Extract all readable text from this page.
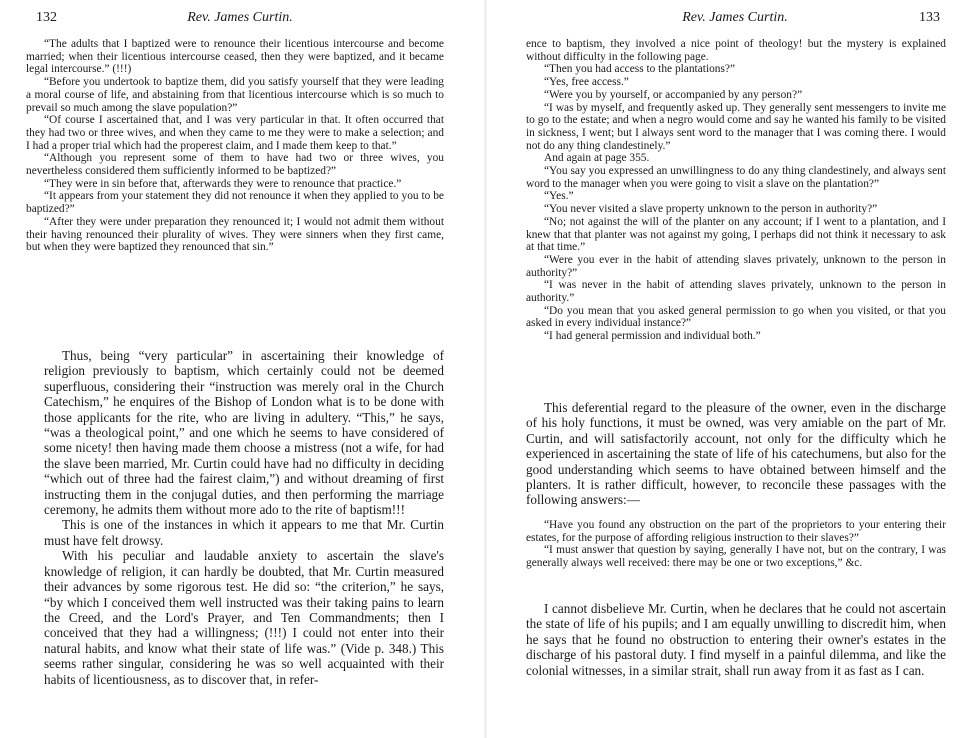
132	Rev. James Curtin.

“The adults that I baptized were to renounce their licentious intercourse and become married; when their licentious intercourse ceased, then they were baptized, and it became legal intercourse.” (!!!)

“Before you undertook to baptize them, did you satisfy yourself that they were leading a moral course of life, and abstaining from that licentious intercourse which is so much to prevail so much among the slave population?”

“Of course I ascertained that, and I was very particular in that. It often occurred that they had two or three wives, and when they came to me they were to make a selection; and I had a proper trial which had the properest claim, and I made them keep to that.”

“Although you represent some of them to have had two or three wives, you nevertheless considered them sufficiently informed to be baptized?”

“They were in sin before that, afterwards they were to renounce that practice.”

“It appears from your statement they did not renounce it when they applied to you to be baptized?”

“After they were under preparation they renounced it; I would not admit them without their having renounced their plurality of wives. They were sinners when they first came, but when they were baptized they renounced that sin.”

Thus, being “very particular” in ascertaining their knowledge of religion previously to baptism, which certainly could not be deemed superfluous, considering their “instruction was merely oral in the Church Catechism,” he enquires of the Bishop of London what is to be done with those applicants for the rite, who are living in adultery. “This,” he says, “was a theological point,” and one which he seems to have considered of some nicety! then having made them choose a mistress (not a wife, for had the slave been married, Mr. Curtin could have had no difficulty in deciding “which out of three had the fairest claim,”) and without dreaming of first instructing them in the conjugal duties, and then performing the marriage ceremony, he admits them without more ado to the rite of baptism!!!

This is one of the instances in which it appears to me that Mr. Curtin must have felt drowsy.

With his peculiar and laudable anxiety to ascertain the slave's knowledge of religion, it can hardly be doubted, that Mr. Curtin measured their advances by some rigorous test. He did so: “the criterion,” he says, “by which I conceived them well instructed was their taking pains to learn the Creed, and the Lord's Prayer, and Ten Commandments; then I conceived that they had a willingness; (!!!) I could not enter into their natural habits, and know what their state of life was.” (Vide p. 348.) This seems rather singular, considering he was so well acquainted with their habits of licentiousness, as to discover that, in refer-

Rev. James Curtin.	133

ence to baptism, they involved a nice point of theology! but the mystery is explained without difficulty in the following page.

“Then you had access to the plantations?”

“Yes, free access.”

“Were you by yourself, or accompanied by any person?”

“I was by myself, and frequently asked up. They generally sent messengers to invite me to go to the estate; and when a negro would come and say he wanted his family to be visited in sickness, I went; but I always sent word to the manager that I was coming there. I would not do any thing clandestinely.”

And again at page 355.

“You say you expressed an unwillingness to do any thing clandestinely, and always sent word to the manager when you were going to visit a slave on the plantation?”

“Yes.”

“You never visited a slave property unknown to the person in authority?”

“No; not against the will of the planter on any account; if I went to a plantation, and I knew that that planter was not against my going, I perhaps did not think it necessary to ask at that time.”

“Were you ever in the habit of attending slaves privately, unknown to the person in authority?”

“I was never in the habit of attending slaves privately, unknown to the person in authority.”

“Do you mean that you asked general permission to go when you visited, or that you asked in every individual instance?”

“I had general permission and individual both.”

This deferential regard to the pleasure of the owner, even in the discharge of his holy functions, it must be owned, was very amiable on the part of Mr. Curtin, and will satisfactorily account, not only for the difficulty which he experienced in ascertaining the state of life of his catechumens, but also for the good understanding which seems to have obtained between himself and the planters. It is rather difficult, however, to reconcile these passages with the following answers:—

“Have you found any obstruction on the part of the proprietors to your entering their estates, for the purpose of affording religious instruction to their slaves?”

“I must answer that question by saying, generally I have not, but on the contrary, I was generally always well received: there may be one or two exceptions,” &c.

I cannot disbelieve Mr. Curtin, when he declares that he could not ascertain the state of life of his pupils; and I am equally unwilling to discredit him, when he says that he found no obstruction to entering their owner's estates in the discharge of his pastoral duty. I find myself in a painful dilemma, and like the colonial witnesses, in a similar strait, shall run away from it as fast as I can.
